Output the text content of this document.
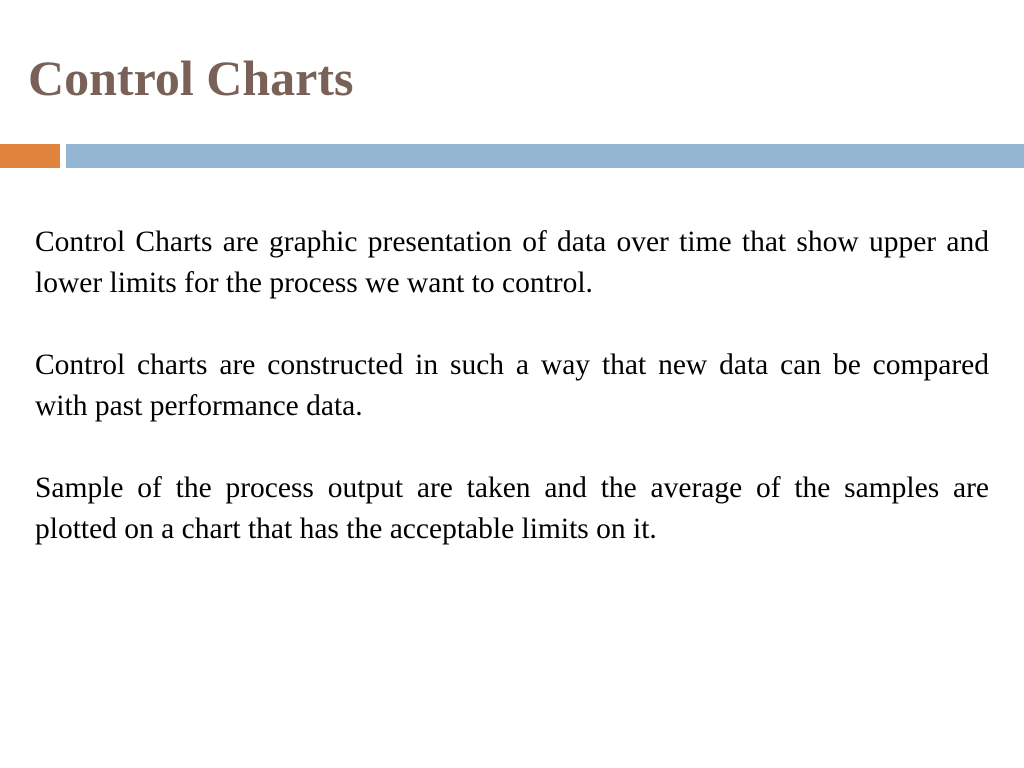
Control Charts

Control Charts are graphic presentation of data over time that show upper and lower limits for the process we want to control.

Control charts are constructed in such a way that new data can be compared with past performance data.

Sample of the process output are taken and the average of the samples are plotted on a chart that has the acceptable limits on it.
